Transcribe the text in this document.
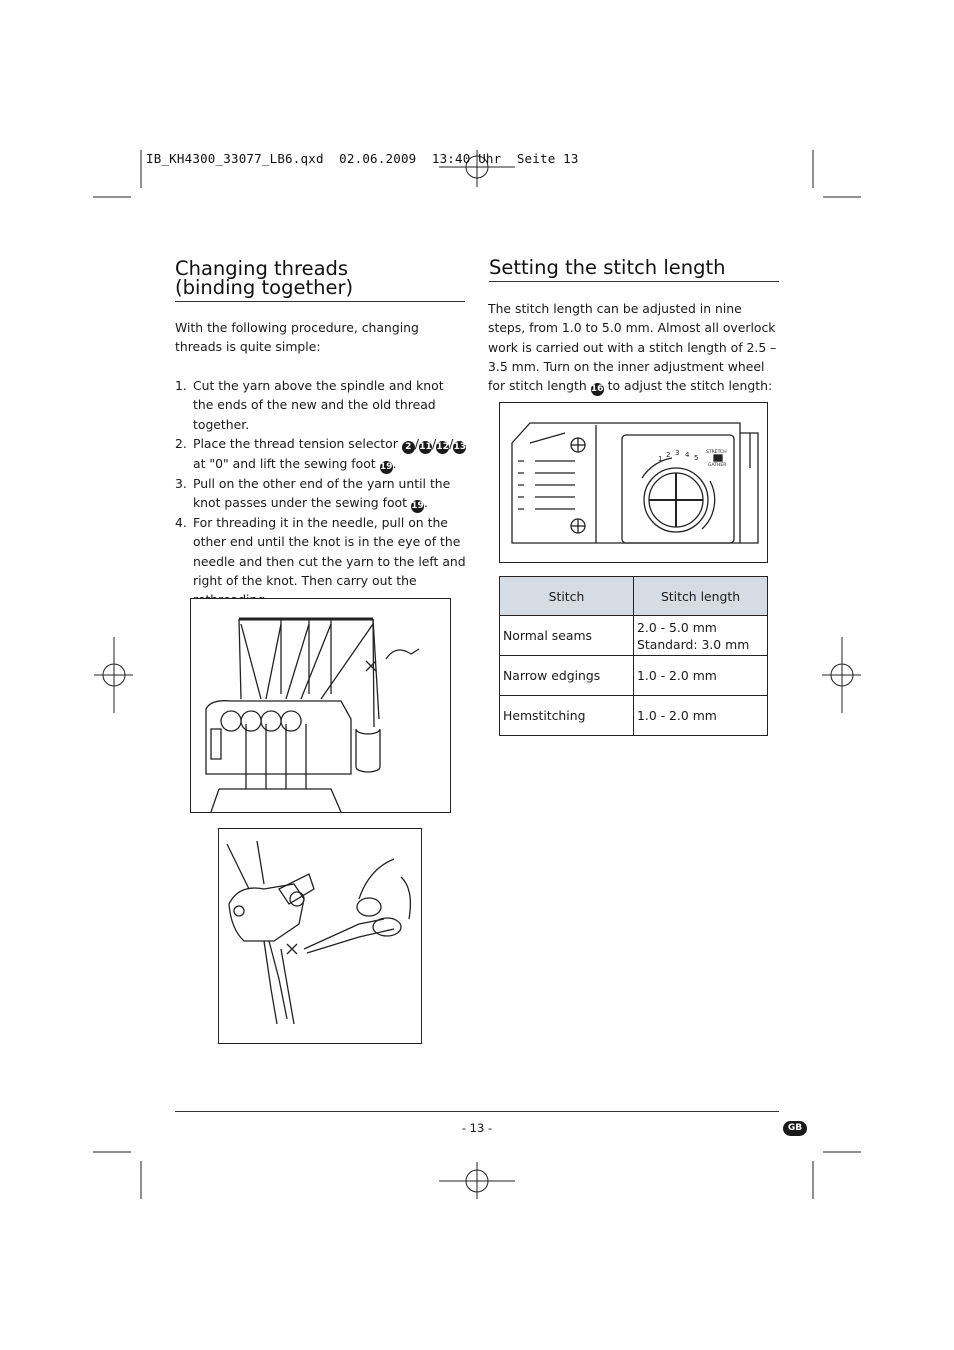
IB_KH4300_33077_LB6.qxd  02.06.2009  13:40 Uhr  Seite 13
Changing threads
(binding together)

With the following procedure, changing threads is quite simple:

1. Cut the yarn above the spindle and knot the ends of the new and the old thread together.
2. Place the thread tension selector 2 /11/12/13 at "0" and lift the sewing foot 19.
3. Pull on the other end of the yarn until the knot passes under the sewing foot 19.
4. For threading it in the needle, pull on the other end until the knot is in the eye of the needle and then cut the yarn to the left and right of the knot. Then carry out the
Setting the stitch length

The stitch length can be adjusted in nine steps, from 1.0 to 5.0 mm. Almost all overlock work is carried out with a stitch length of 2.5 – 3.5 mm. Turn on the inner adjustment wheel for stitch length 16 to adjust the stitch length:

1 2 3 4 5
STRETCH
GATHER
Stitch	Stitch length
Normal seams	2.0 - 5.0 mm
Standard: 3.0 mm
Narrow edgings	1.0 - 2.0 mm
Hemstitching	1.0 - 2.0 mm
- 13 -	GB
